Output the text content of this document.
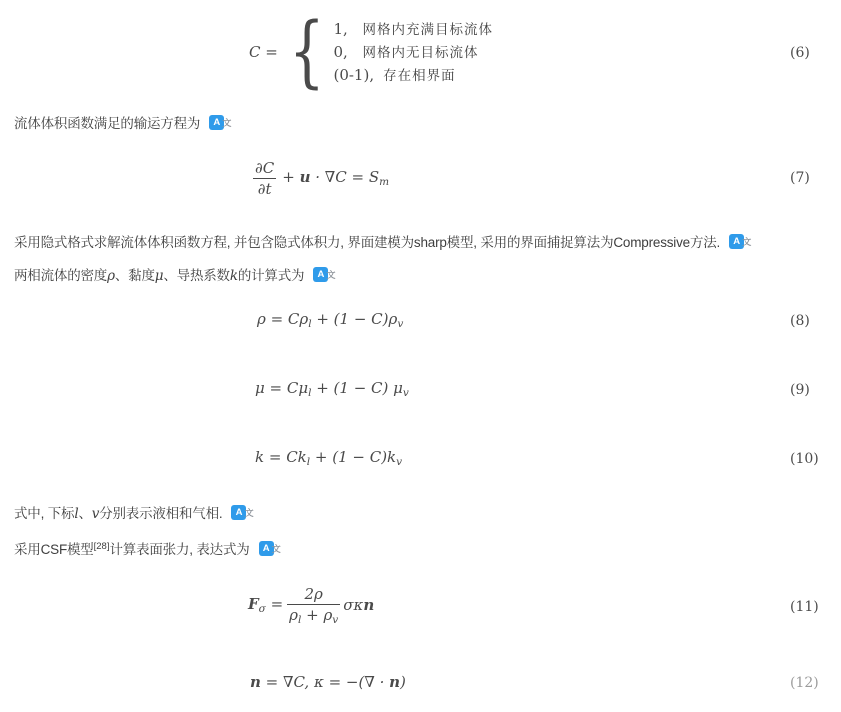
C = { 1,	网格内充满目标流体
0,	网格内无目标流体
(0-1), 存在相界面
(6)
流体体积函数满足的输运方程为	A 文
$\frac{\partial C}{\partial t} + u \cdot \nabla C = S_m$	(7)
采用隐式格式求解流体体积函数方程, 并包含隐式体积力, 界面建模为sharp模型, 采用的界面捕捉算法为Compressive方法.	A 文
两相流体的密度ρ、黏度μ、导热系数k的计算式为	A 文
$\rho = C\rho_l + (1 - C)\rho_v$	(8)
$\mu = C\mu_l + (1 - C)$ $\mu_v$	(9)
$k = Ck_l + (1 - C)k_v$	(10)
式中, 下标l、v分别表示液相和气相.	A 文
采用CSF模型[28]计算表面张力, 表达式为	A 文
$F_\sigma = \frac{2\rho}{\rho_l + \rho_v}$ σκn	(11)
n = ∇C, κ = −(∇ · n)	(12)
